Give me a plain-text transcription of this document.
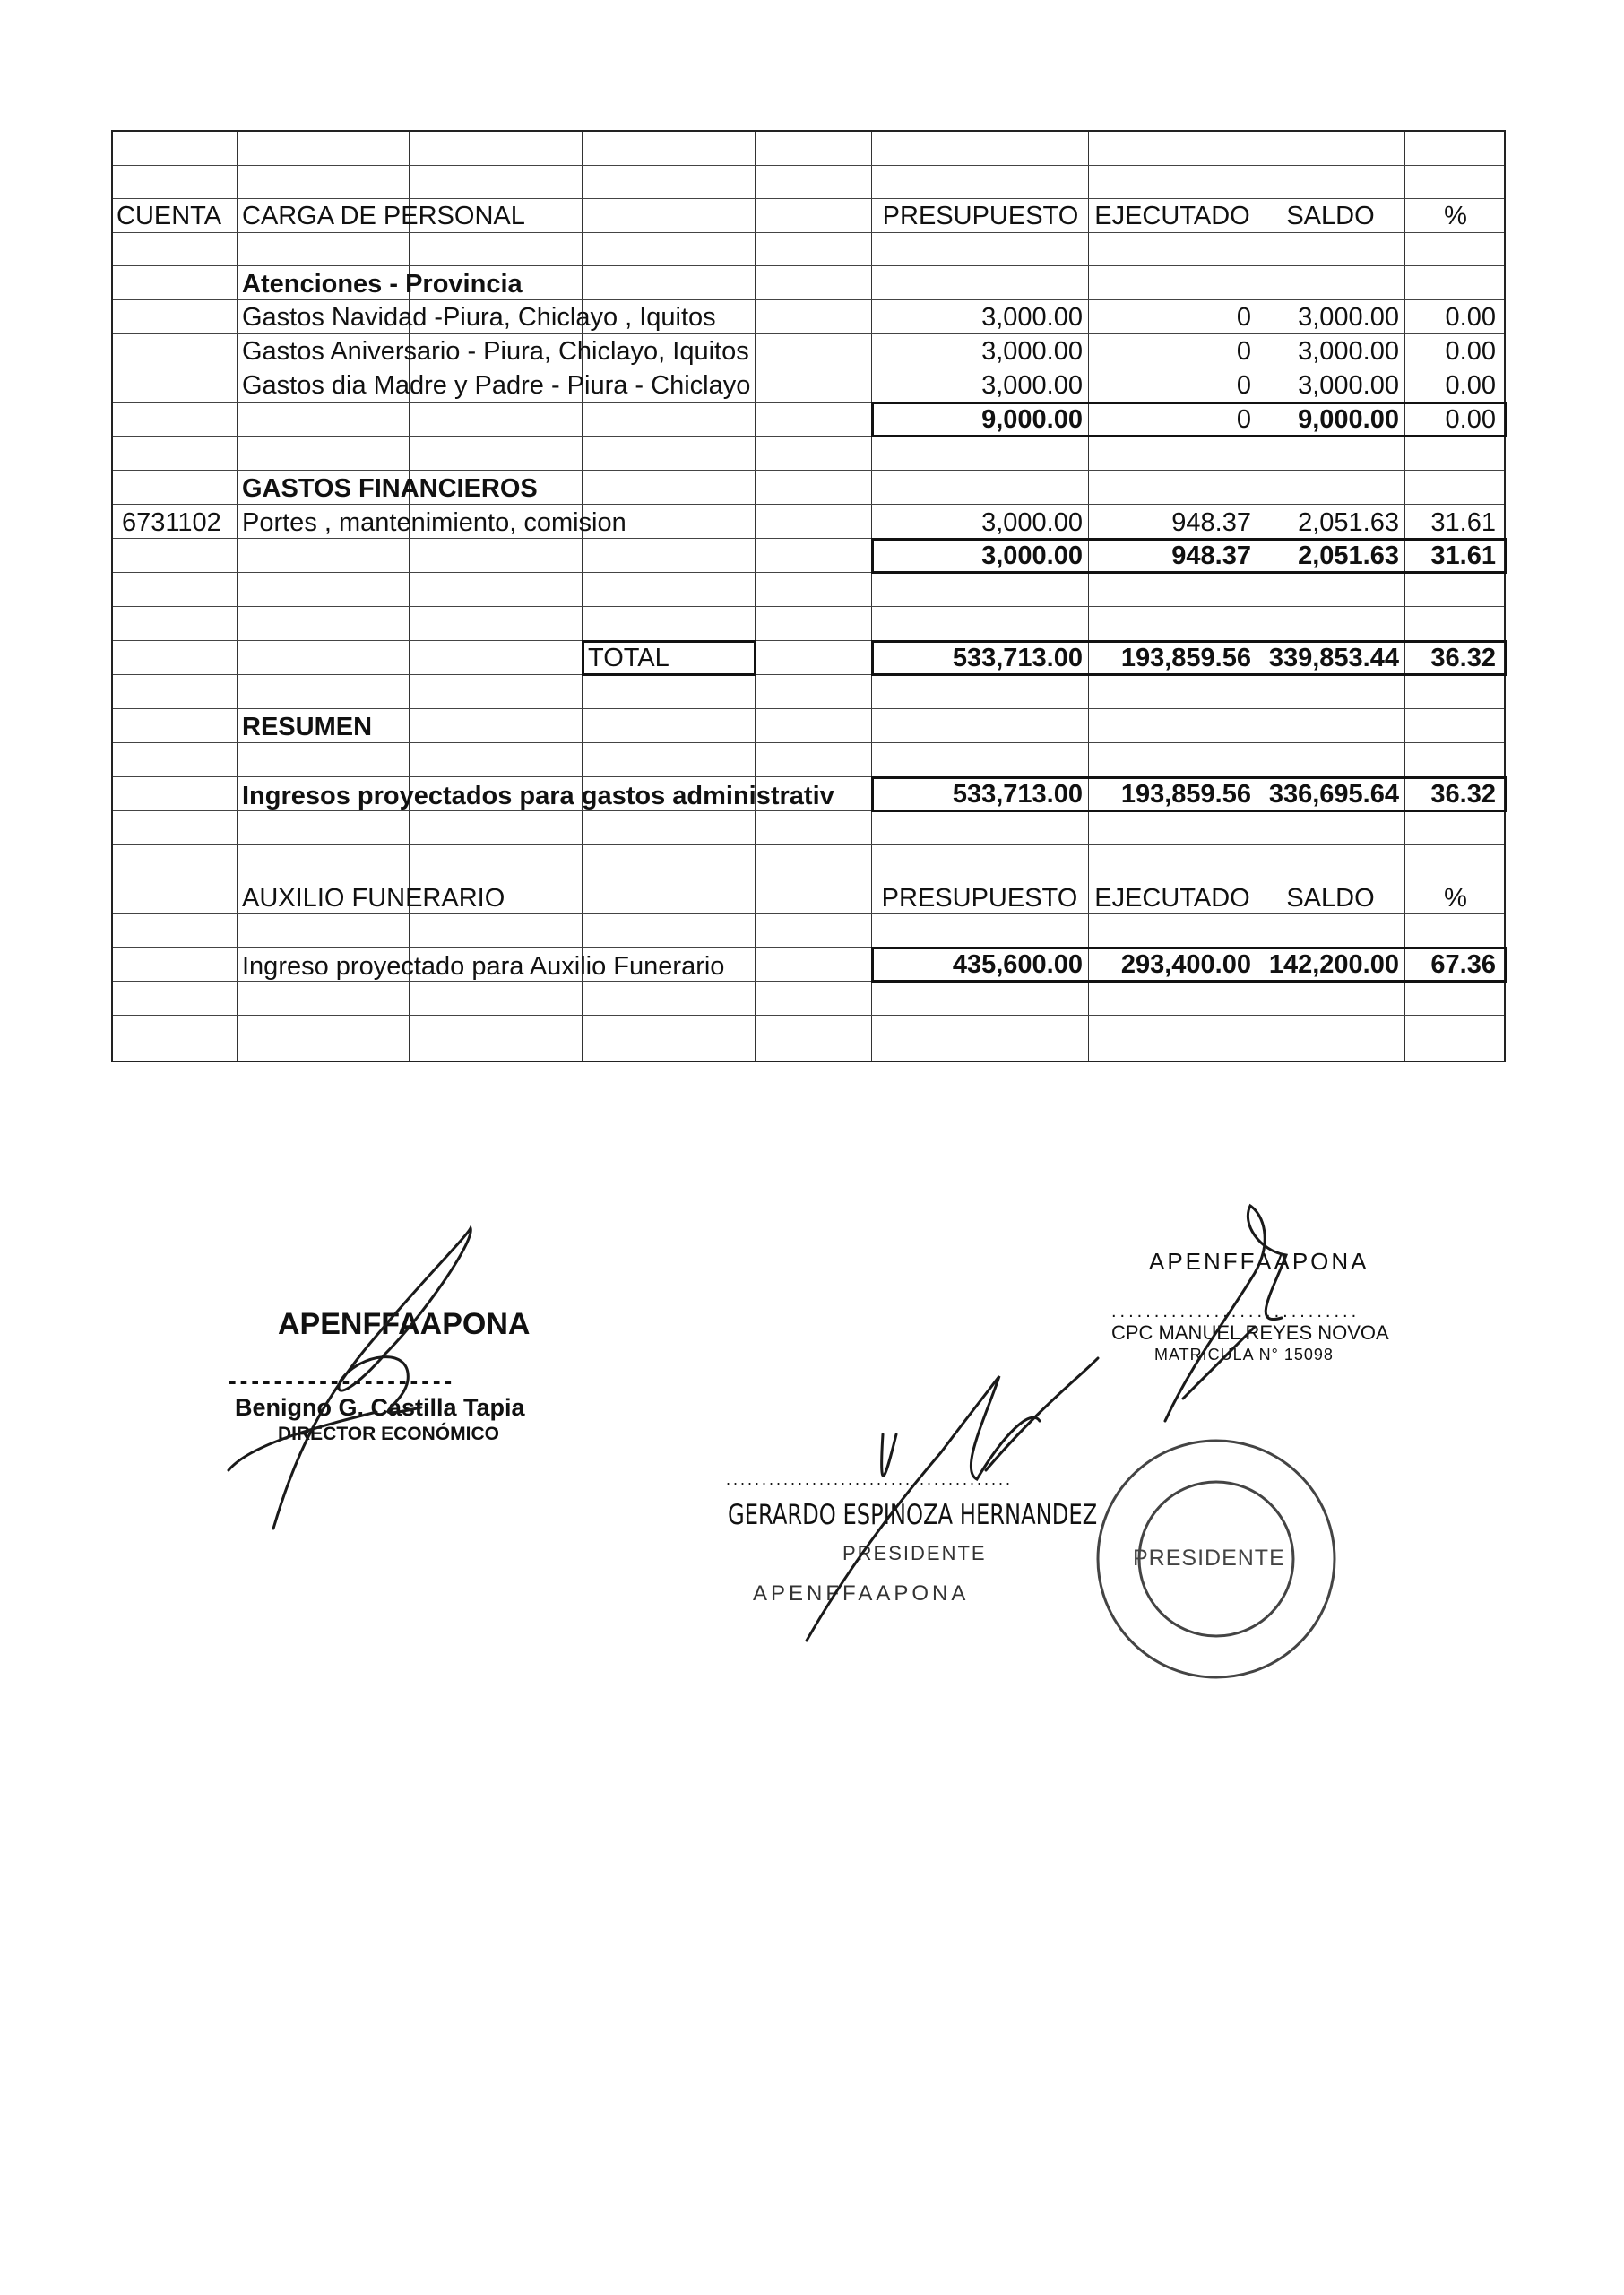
CUENTA CARGA DE PERSONAL	PRESUPUESTO EJECUTADO	SALDO	%
Atenciones - Provincia
Gastos Navidad -Piura, Chiclayo , Iquitos	3,000.00	0	3,000.00	0.00
Gastos Aniversario - Piura, Chiclayo, Iquitos	3,000.00	0	3,000.00	0.00
Gastos dia Madre y Padre - Piura - Chiclayo	3,000.00	0	3,000.00	0.00
9,000.00	0	9,000.00	0.00
GASTOS FINANCIEROS
6731102 Portes , mantenimiento, comision	3,000.00	948.37	2,051.63	31.61
3,000.00	948.37	2,051.63	31.61
TOTAL	533,713.00	193,859.56 339,853.44	36.32
RESUMEN
Ingresos proyectados para gastos administrativ	533,713.00	193,859.56 336,695.64	36.32
AUXILIO FUNERARIO	PRESUPUESTO EJECUTADO	SALDO	%
Ingreso proyectado para Auxilio Funerario	435,600.00	293,400.00 142,200.00	67.36
APENFFAAPONA
--------------------
Benigno G. Castilla Tapia
DIRECTOR ECONÓMICO
APENFFAAPONA
.............................
CPC MANUEL REYES NOVOA
MATRICULA N° 15098
........................................
GERARDO ESPINOZA HERNANDEZ
PRESIDENTE
APENFFAAPONA
PRESIDENTE
